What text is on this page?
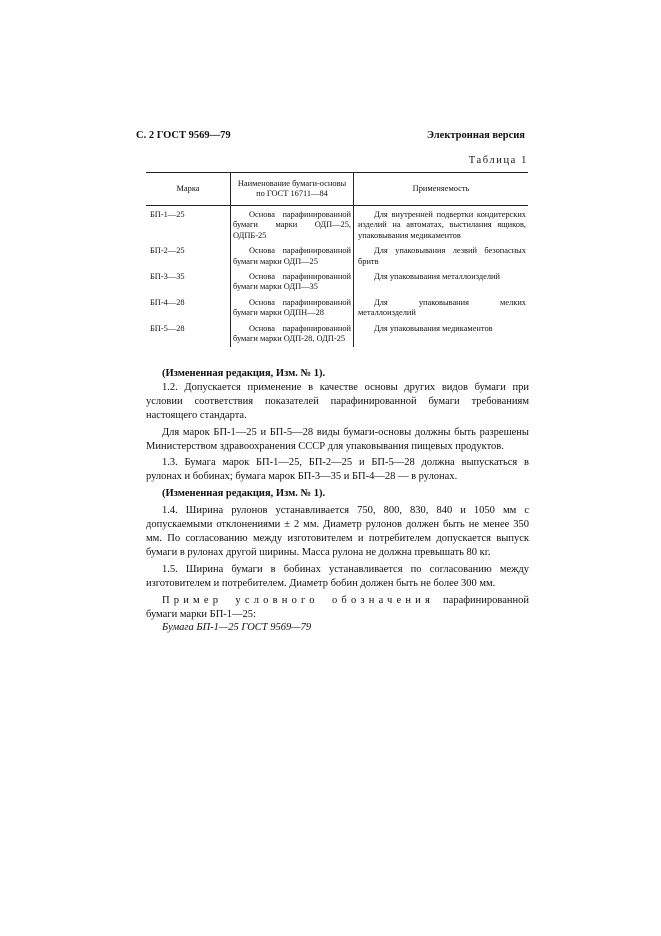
С. 2 ГОСТ 9569—79	Электронная версия
Таблица 1
Марка	Наименование бумаги-основы по ГОСТ 16711—84	Применяемость
БП-1—25	Основа парафинированной бумаги марки ОДП—25, ОДПБ-25	Для внутренней подвертки кондитерских изделий на автоматах, выстилания ящиков, упаковывания медикаментов
БП-2—25	Основа парафинированной бумаги марки ОДП—25	Для упаковывания лезвий безопасных бритв
БП-3—35	Основа парафинированной бумаги марки ОДП—35	Для упаковывания металлоизделий
БП-4—28	Основа парафинированной бумаги марки ОДПН—28	Для упаковывания мелких металлоизделий
БП-5—28	Основа парафинированной бумаги марки ОДП-28, ОДП-25	Для упаковывания медикаментов

(Измененная редакция, Изм. № 1).

1.2. Допускается применение в качестве основы других видов бумаги при условии соответствия показателей парафинированной бумаги требованиям настоящего стандарта.

Для марок БП-1—25 и БП-5—28 виды бумаги-основы должны быть разрешены Министерством здравоохранения СССР для упаковывания пищевых продуктов.

1.3. Бумага марок БП-1—25, БП-2—25 и БП-5—28 должна выпускаться в рулонах и бобинах; бумага марок БП-3—35 и БП-4—28 — в рулонах.

(Измененная редакция, Изм. № 1).

1.4. Ширина рулонов устанавливается 750, 800, 830, 840 и 1050 мм с допускаемыми отклонениями ± 2 мм. Диаметр рулонов должен быть не менее 350 мм. По согласованию между изготовителем и потребителем допускается выпуск бумаги в рулонах другой ширины. Масса рулона не должна превышать 80 кг.

1.5. Ширина бумаги в бобинах устанавливается по согласованию между изготовителем и потребителем. Диаметр бобин должен быть не более 300 мм.

Пример условного обозначения парафинированной бумаги марки БП-1—25:

Бумага БП-1—25 ГОСТ 9569—79
